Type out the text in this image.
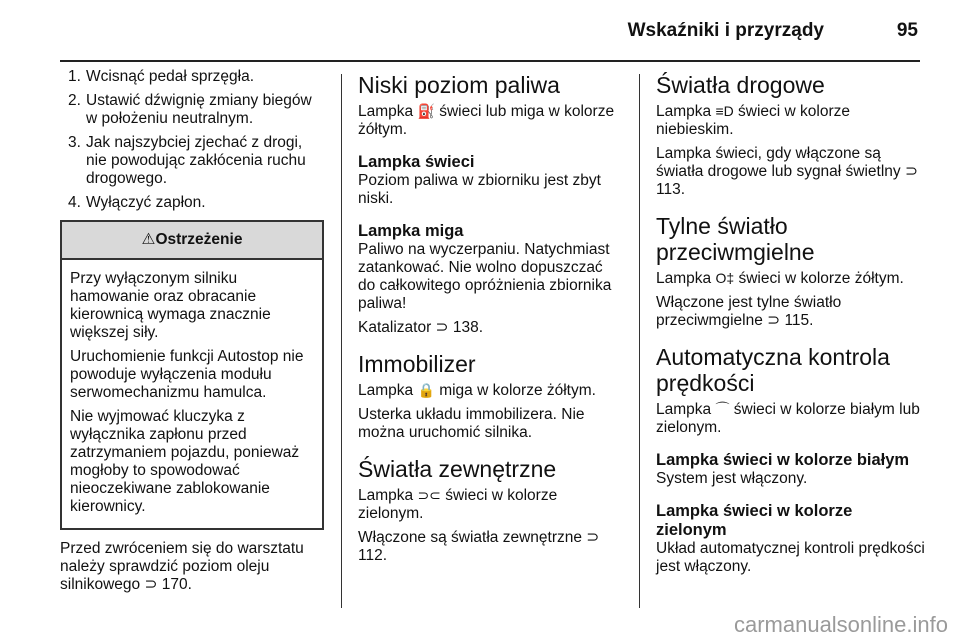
Wskaźniki i przyrządy	95
1. Wcisnąć pedał sprzęgła.
2. Ustawić dźwignię zmiany biegów w położeniu neutralnym.
3. Jak najszybciej zjechać z drogi, nie powodując zakłócenia ruchu drogowego.
4. Wyłączyć zapłon.
⚠Ostrzeżenie

Przy wyłączonym silniku hamowanie oraz obracanie kierownicą wymaga znacznie większej siły.

Uruchomienie funkcji Autostop nie powoduje wyłączenia modułu serwomechanizmu hamulca.

Nie wyjmować kluczyka z wyłącznika zapłonu przed zatrzymaniem pojazdu, ponieważ mogłoby to spowodować nieoczekiwane zablokowanie kierownicy.

Przed zwróceniem się do warsztatu należy sprawdzić poziom oleju silnikowego ⊃ 170.

Niski poziom paliwa

Lampka ⛽ świeci lub miga w kolorze żółtym.

Lampka świeci

Poziom paliwa w zbiorniku jest zbyt niski.

Lampka miga

Paliwo na wyczerpaniu. Natychmiast zatankować. Nie wolno dopuszczać do całkowitego opróżnienia zbiornika paliwa!

Katalizator ⊃ 138.

Immobilizer

Lampka 🔒 miga w kolorze żółtym.

Usterka układu immobilizera. Nie można uruchomić silnika.

Światła zewnętrzne

Lampka ⊃⊂ świeci w kolorze zielonym.

Włączone są światła zewnętrzne ⊃ 112.

Światła drogowe

Lampka ≡D świeci w kolorze niebieskim.

Lampka świeci, gdy włączone są światła drogowe lub sygnał świetlny ⊃ 113.

Tylne światło przeciwmgielne

Lampka O‡ świeci w kolorze żółtym.

Włączone jest tylne światło przeciwmgielne ⊃ 115.

Automatyczna kontrola prędkości

Lampka ⌒ świeci w kolorze białym lub zielonym.

Lampka świeci w kolorze białym

System jest włączony.

Lampka świeci w kolorze zielonym

Układ automatycznej kontroli prędkości jest włączony.

carmanualsonline.info
